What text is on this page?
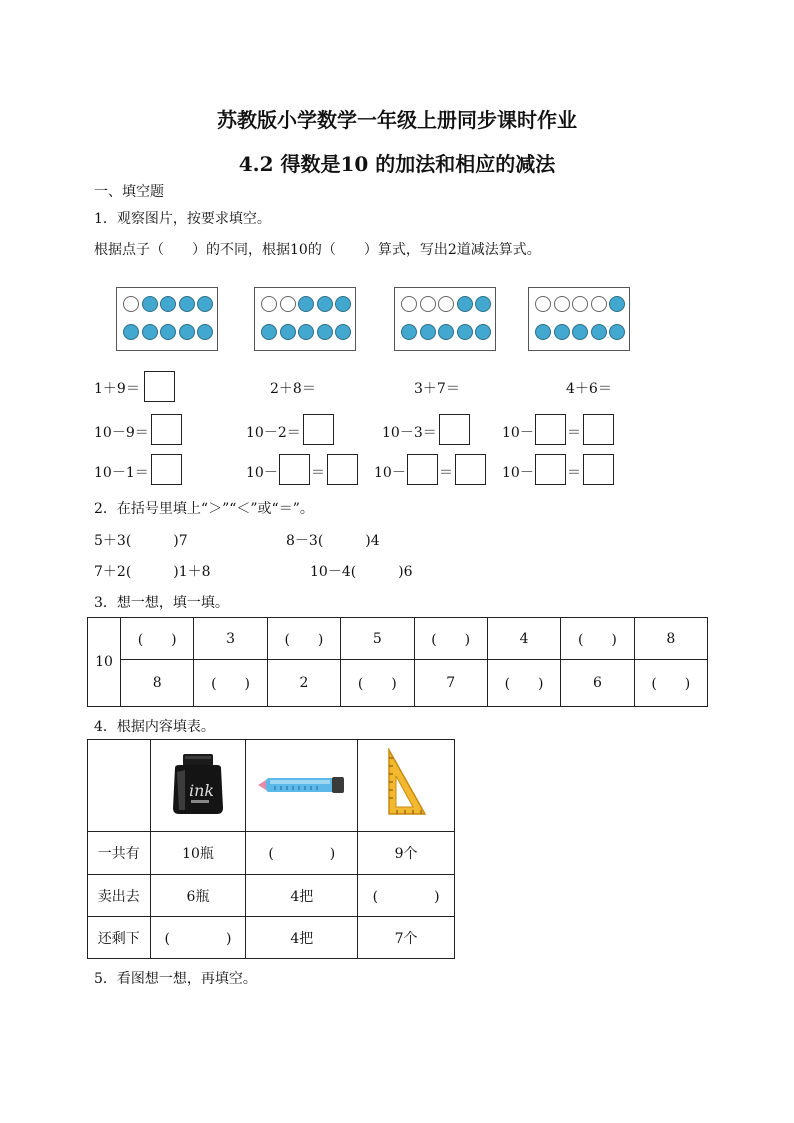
苏教版小学数学一年级上册同步课时作业
4.2 得数是10 的加法和相应的减法
一、填空题
1．观察图片，按要求填空。
根据点子（　　）的不同，根据10的（　　）算式，写出2道减法算式。
1＋9＝	2＋8＝	3＋7＝	4＋6＝
10－9＝	10－2＝	10－3＝	10－ ＝
10－1＝	10－ ＝	10－ ＝	10－ ＝
2．在括号里填上“＞”“＜”或“＝”。
5＋3(　　　)7	8－3(　　　)4
7＋2(　　　)1＋8	10－4(　　　)6
3．想一想，填一填。
10	(　　)	3	(　　)	5	(　　)	4	(　　)	8
	8	(　　)	2	(　　)	7	(　　)	6	(　　)
4．根据内容填表。

ink

一共有	10瓶	(　　　　)	9个
卖出去	6瓶	4把	(　　　　)
还剩下	(　　　　)	4把	7个
5．看图想一想，再填空。
